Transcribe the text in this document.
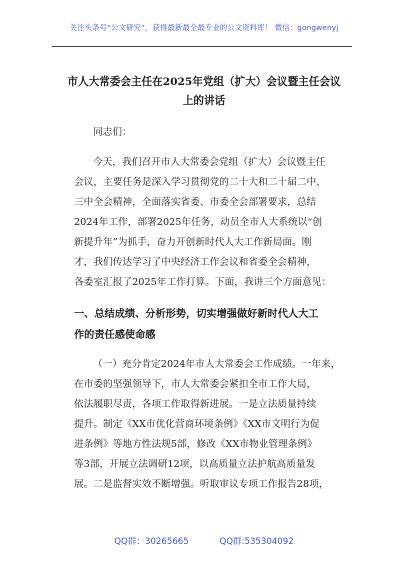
关注头条号“公文研究”，获得最新最全最专业的公文资料库！ 微信：gongwenyj
市人大常委会主任在2025年党组（扩大）会议暨主任会议
上的讲话
同志们：
今天，我们召开市人大常委会党组（扩大）会议暨主任
会议，主要任务是深入学习贯彻党的二十大和二十届二中、
三中全会精神，全面落实省委、市委全会部署要求，总结
2024年工作，部署2025年任务，动员全市人大系统以“创
新提升年”为抓手，奋力开创新时代人大工作新局面。刚
才，我们传达学习了中央经济工作会议和省委全会精神，
各委室汇报了2025年工作打算。下面，我讲三个方面意见：
一、总结成绩、分析形势，切实增强做好新时代人大工
作的责任感使命感
（一）充分肯定2024年市人大常委会工作成绩。一年来，
在市委的坚强领导下，市人大常委会紧扣全市工作大局，
依法履职尽责，各项工作取得新进展。一是立法质量持续
提升。制定《XX市优化营商环境条例》《XX市文明行为促
进条例》等地方性法规5部，修改《XX市物业管理条例》
等3部，开展立法调研12项，以高质量立法护航高质量发
展。二是监督实效不断增强。听取审议专项工作报告28项，
QQ群：30265665	QQ群:535304092
